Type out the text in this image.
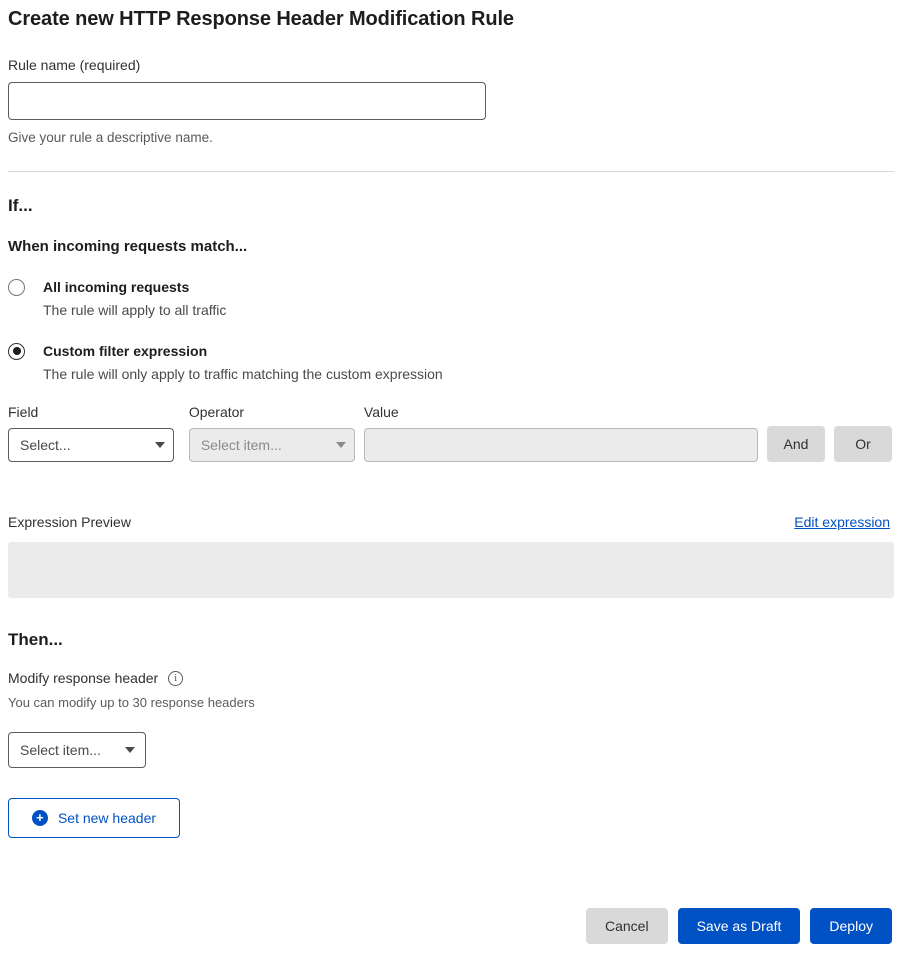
Create new HTTP Response Header Modification Rule
Rule name (required)
Give your rule a descriptive name.
If...
When incoming requests match...
All incoming requests
The rule will apply to all traffic
Custom filter expression
The rule will only apply to traffic matching the custom expression
Field
Select...
Operator
Select item...
Value
And	Or
Expression Preview	Edit expression
Then...
Modify response header	i
You can modify up to 30 response headers
Select item...
+	Set new header
Cancel	Save as Draft	Deploy
